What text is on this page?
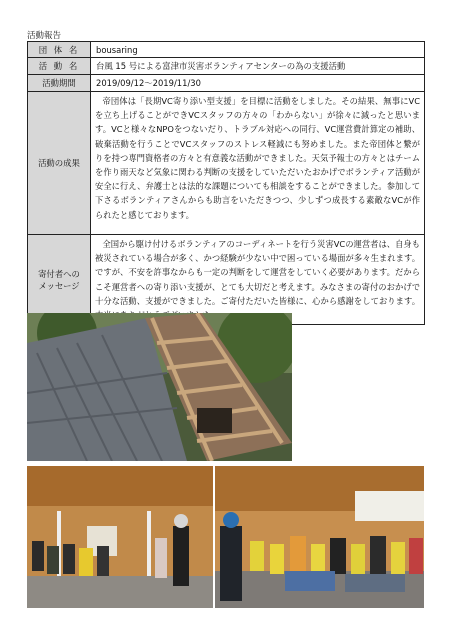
活動報告
団 体 名	bousaring
活 動 名	台風 15 号による富津市災害ボランティアセンターの為の支援活動
活動期間	2019/09/12～2019/11/30
活動の成果	帝団体は「長期VC寄り添い型支援」を目標に活動をしました。その結果、無事にVCを立ち上げることができVCスタッフの方々の「わからない」が徐々に減ったと思います。VCと様々なNPOをつないだり、トラブル対応への同行、VC運営費計算定の補助、破棄活動を行うことでVCスタッフのストレス軽減にも努めました。また帝団体と繋がりを持つ専門資格者の方々と有意義な活動ができました。天気予報士の方々とはチームを作り雨天など気象に関わる判断の支援をしていただいたおかげでボランティア活動が安全に行え、弁護士とは法的な課題についても相談をすることができました。参加して下さるボランティアさんからも助言をいただきつつ、少しずつ成長する素敵なVCが作られたと感じております。
寄付者への
メッセージ	全国から駆け付けるボランティアのコーディネートを行う災害VCの運営者は、自身も被災されている場合が多く、かつ経験が少ない中で困っている場面が多々生まれます。ですが、不安を許事なからも一定の判断をして運営をしていく必要があります。だからこそ運営者への寄り添い支援が、とても大切だと考えます。みなさまの寄付のおかげで十分な活動、支援ができました。ご寄付ただいた皆様に、心から感謝をしております。
